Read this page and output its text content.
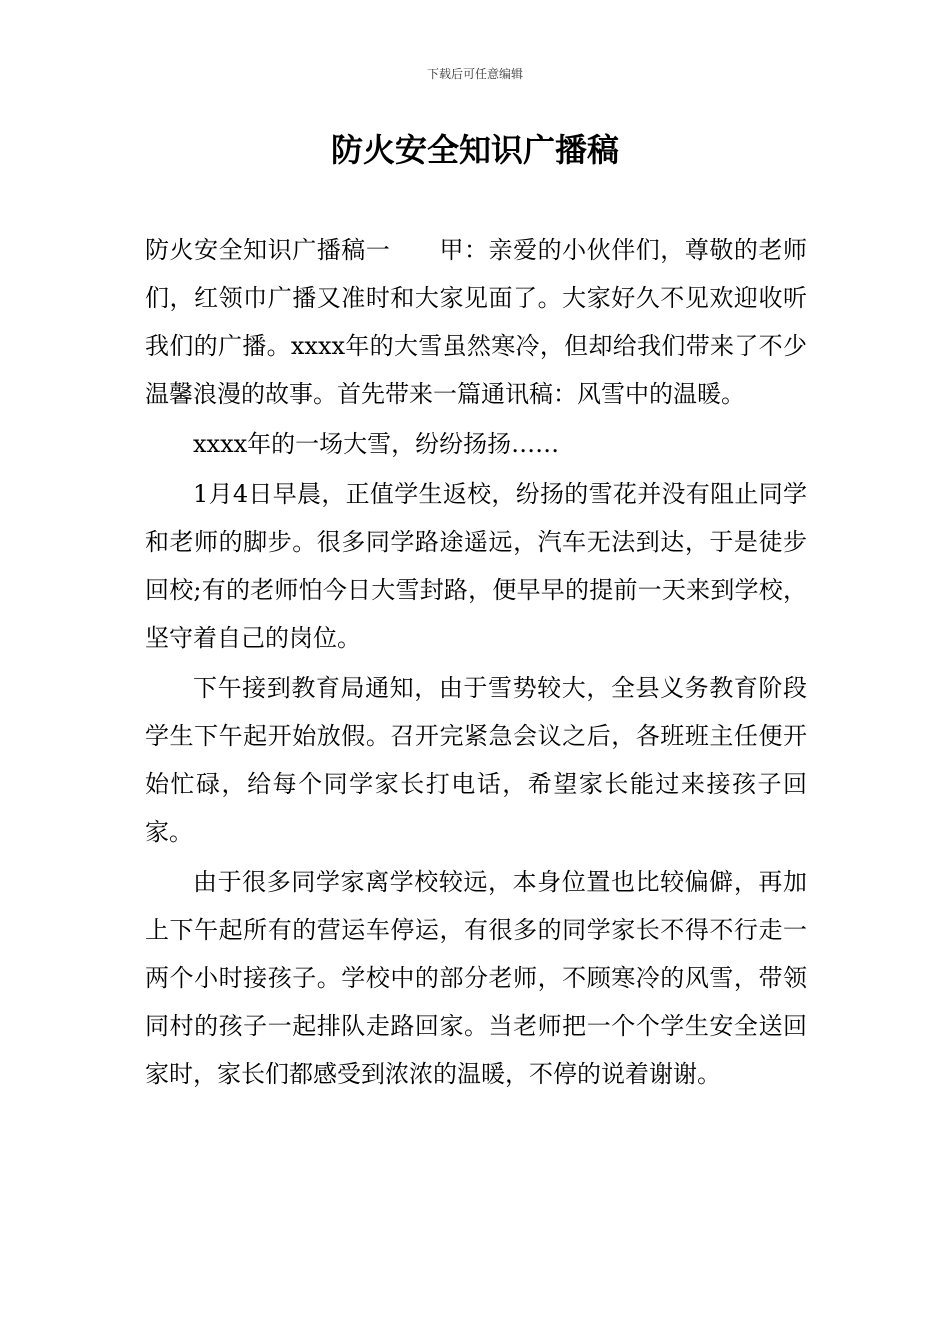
下载后可任意编辑
防火安全知识广播稿

防火安全知识广播稿一　　甲：亲爱的小伙伴们，尊敬的老师们，红领巾广播又准时和大家见面了。大家好久不见欢迎收听我们的广播。xxxx年的大雪虽然寒冷，但却给我们带来了不少温馨浪漫的故事。首先带来一篇通讯稿：风雪中的温暖。

xxxx年的一场大雪，纷纷扬扬……

1月4日早晨，正值学生返校，纷扬的雪花并没有阻止同学和老师的脚步。很多同学路途遥远，汽车无法到达，于是徒步回校;有的老师怕今日大雪封路，便早早的提前一天来到学校，坚守着自己的岗位。

下午接到教育局通知，由于雪势较大，全县义务教育阶段学生下午起开始放假。召开完紧急会议之后，各班班主任便开始忙碌，给每个同学家长打电话，希望家长能过来接孩子回家。

由于很多同学家离学校较远，本身位置也比较偏僻，再加上下午起所有的营运车停运，有很多的同学家长不得不行走一两个小时接孩子。学校中的部分老师，不顾寒冷的风雪，带领同村的孩子一起排队走路回家。当老师把一个个学生安全送回家时，家长们都感受到浓浓的温暖，不停的说着谢谢。
